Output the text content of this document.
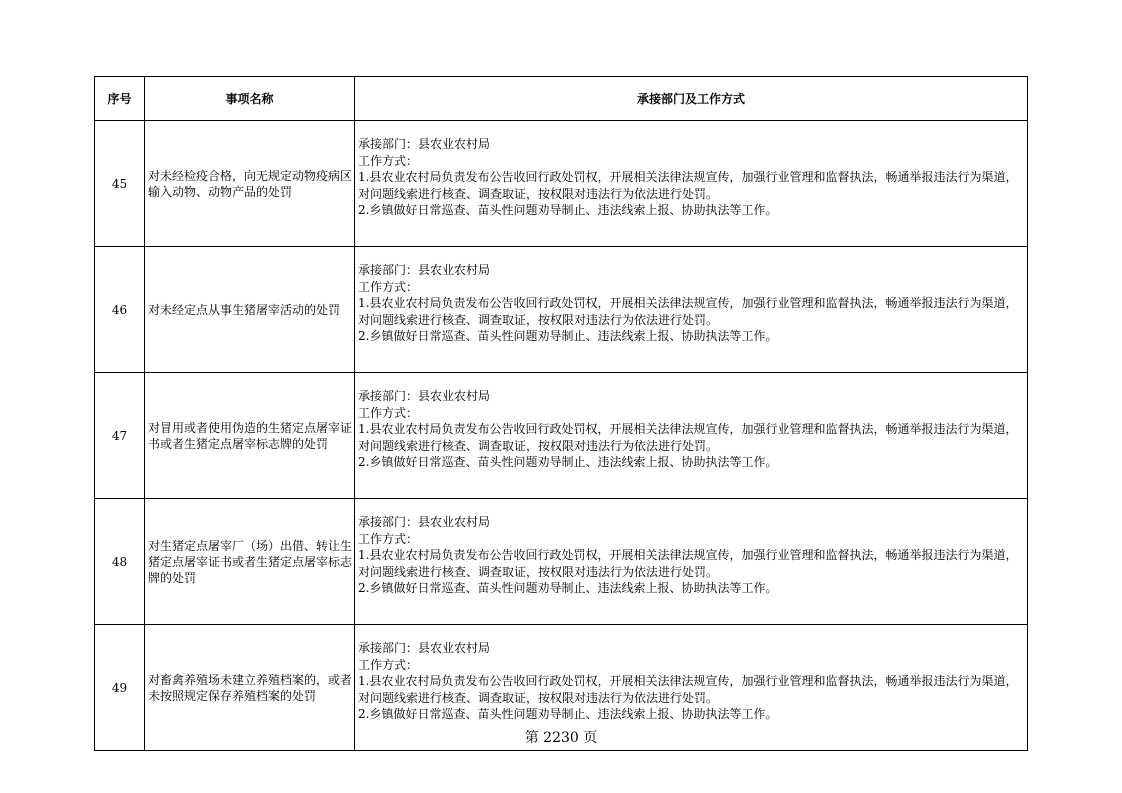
序号	事项名称	承接部门及工作方式
45	对未经检疫合格，向无规定动物疫病区输入动物、动物产品的处罚	承接部门：县农业农村局
工作方式：
1.县农业农村局负责发布公告收回行政处罚权，开展相关法律法规宣传，加强行业管理和监督执法，畅通举报违法行为渠道，对问题线索进行核查、调查取证，按权限对违法行为依法进行处罚。
2.乡镇做好日常巡查、苗头性问题劝导制止、违法线索上报、协助执法等工作。

46	对未经定点从事生猪屠宰活动的处罚	承接部门：县农业农村局
工作方式：
1.县农业农村局负责发布公告收回行政处罚权，开展相关法律法规宣传，加强行业管理和监督执法，畅通举报违法行为渠道，对问题线索进行核查、调查取证，按权限对违法行为依法进行处罚。
2.乡镇做好日常巡查、苗头性问题劝导制止、违法线索上报、协助执法等工作。

47	对冒用或者使用伪造的生猪定点屠宰证书或者生猪定点屠宰标志牌的处罚	承接部门：县农业农村局
工作方式：
1.县农业农村局负责发布公告收回行政处罚权，开展相关法律法规宣传，加强行业管理和监督执法，畅通举报违法行为渠道，对问题线索进行核查、调查取证，按权限对违法行为依法进行处罚。
2.乡镇做好日常巡查、苗头性问题劝导制止、违法线索上报、协助执法等工作。

48	对生猪定点屠宰厂（场）出借、转让生猪定点屠宰证书或者生猪定点屠宰标志牌的处罚	承接部门：县农业农村局
工作方式：
1.县农业农村局负责发布公告收回行政处罚权，开展相关法律法规宣传，加强行业管理和监督执法，畅通举报违法行为渠道，对问题线索进行核查、调查取证，按权限对违法行为依法进行处罚。
2.乡镇做好日常巡查、苗头性问题劝导制止、违法线索上报、协助执法等工作。

49	对畜禽养殖场未建立养殖档案的，或者未按照规定保存养殖档案的处罚	承接部门：县农业农村局
工作方式：
1.县农业农村局负责发布公告收回行政处罚权，开展相关法律法规宣传，加强行业管理和监督执法，畅通举报违法行为渠道，对问题线索进行核查、调查取证，按权限对违法行为依法进行处罚。
2.乡镇做好日常巡查、苗头性问题劝导制止、违法线索上报、协助执法等工作。
第 2230 页
